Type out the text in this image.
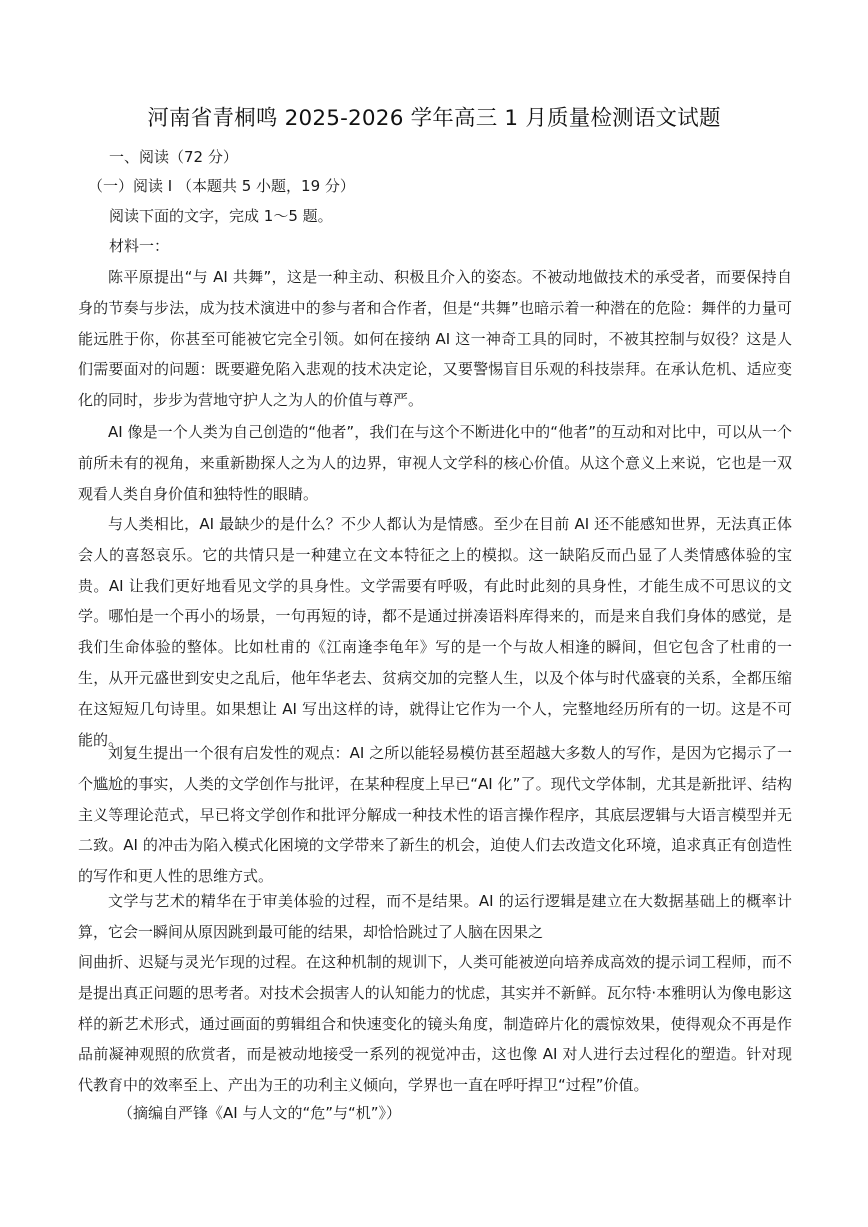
河南省青桐鸣 2025-2026 学年高三 1 月质量检测语文试题
一、阅读（72 分）
（一）阅读 I （本题共 5 小题，19 分）
阅读下面的文字，完成 1～5 题。
材料一：

陈平原提出“与 AI 共舞”，这是一种主动、积极且介入的姿态。不被动地做技术的承受者，而要保持自身的节奏与步法，成为技术演进中的参与者和合作者，但是“共舞”也暗示着一种潜在的危险：舞伴的力量可能远胜于你，你甚至可能被它完全引领。如何在接纳 AI 这一神奇工具的同时，不被其控制与奴役？这是人们需要面对的问题：既要避免陷入悲观的技术决定论，又要警惕盲目乐观的科技崇拜。在承认危机、适应变化的同时，步步为营地守护人之为人的价值与尊严。

AI 像是一个人类为自己创造的“他者”，我们在与这个不断进化中的“他者”的互动和对比中，可以从一个前所未有的视角，来重新勘探人之为人的边界，审视人文学科的核心价值。从这个意义上来说，它也是一双观看人类自身价值和独特性的眼睛。

与人类相比，AI 最缺少的是什么？不少人都认为是情感。至少在目前 AI 还不能感知世界，无法真正体会人的喜怒哀乐。它的共情只是一种建立在文本特征之上的模拟。这一缺陷反而凸显了人类情感体验的宝贵。AI 让我们更好地看见文学的具身性。文学需要有呼吸，有此时此刻的具身性，才能生成不可思议的文学。哪怕是一个再小的场景，一句再短的诗，都不是通过拼凑语料库得来的，而是来自我们身体的感觉，是我们生命体验的整体。比如杜甫的《江南逢李龟年》写的是一个与故人相逢的瞬间，但它包含了杜甫的一生，从开元盛世到安史之乱后，他年华老去、贫病交加的完整人生，以及个体与时代盛衰的关系，全都压缩在这短短几句诗里。如果想让 AI 写出这样的诗，就得让它作为一个人，完整地经历所有的一切。这是不可能的。

刘复生提出一个很有启发性的观点：AI 之所以能轻易模仿甚至超越大多数人的写作，是因为它揭示了一个尴尬的事实，人类的文学创作与批评，在某种程度上早已“AI 化”了。现代文学体制，尤其是新批评、结构主义等理论范式，早已将文学创作和批评分解成一种技术性的语言操作程序，其底层逻辑与大语言模型并无二致。AI 的冲击为陷入模式化困境的文学带来了新生的机会，迫使人们去改造文化环境，追求真正有创造性的写作和更人性的思维方式。

文学与艺术的精华在于审美体验的过程，而不是结果。AI 的运行逻辑是建立在大数据基础上的概率计算，它会一瞬间从原因跳到最可能的结果，却恰恰跳过了人脑在因果之

间曲折、迟疑与灵光乍现的过程。在这种机制的规训下，人类可能被逆向培养成高效的提示词工程师，而不是提出真正问题的思考者。对技术会损害人的认知能力的忧虑，其实并不新鲜。瓦尔特·本雅明认为像电影这样的新艺术形式，通过画面的剪辑组合和快速变化的镜头角度，制造碎片化的震惊效果，使得观众不再是作品前凝神观照的欣赏者，而是被动地接受一系列的视觉冲击，这也像 AI 对人进行去过程化的塑造。针对现代教育中的效率至上、产出为王的功利主义倾向，学界也一直在呼吁捍卫“过程”价值。

（摘编自严锋《AI 与人文的“危”与“机”》）
